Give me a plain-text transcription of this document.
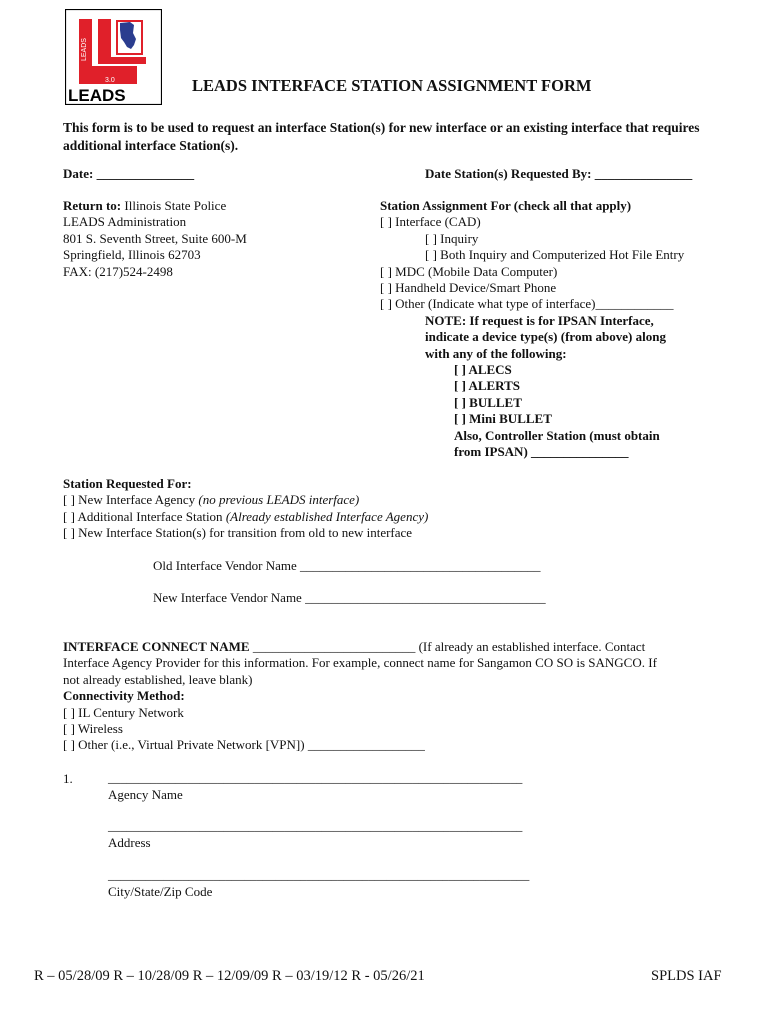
LEADS
3.0
LEADS
LEADS INTERFACE STATION ASSIGNMENT FORM
This form is to be used to request an interface Station(s) for new interface or an existing interface that requires additional interface Station(s).
Date: _______________	Date Station(s) Requested By: _______________
Return to: Illinois State Police
LEADS Administration
801 S. Seventh Street, Suite 600-M
Springfield, Illinois 62703
FAX: (217)524-2498
Station Assignment For (check all that apply)
[ ] Interface (CAD)
[ ] Inquiry
[ ] Both Inquiry and Computerized Hot File Entry
[ ] MDC (Mobile Data Computer)
[ ] Handheld Device/Smart Phone
[ ] Other (Indicate what type of interface)____________
NOTE: If request is for IPSAN Interface,
indicate a device type(s) (from above) along
with any of the following:
[ ] ALECS
[ ] ALERTS
[ ] BULLET
[ ] Mini BULLET
Also, Controller Station (must obtain
from IPSAN) _______________
Station Requested For:
[ ] New Interface Agency (no previous LEADS interface)
[ ] Additional Interface Station (Already established Interface Agency)
[ ] New Interface Station(s) for transition from old to new interface
Old Interface Vendor Name _____________________________________
New Interface Vendor Name _____________________________________
INTERFACE CONNECT NAME _________________________ (If already an established interface. Contact
Interface Agency Provider for this information. For example, connect name for Sangamon CO SO is SANGCO. If
not already established, leave blank)
Connectivity Method:
[ ] IL Century Network
[ ] Wireless
[ ] Other (i.e., Virtual Private Network [VPN]) __________________
1.	____________________________________________________________________
Agency Name
____________________________________________________________________
Address
____________________________________________________________________
City/State/Zip Code
R – 05/28/09 R – 10/28/09 R – 12/09/09 R – 03/19/12 R - 05/26/21	SPLDS IAF
